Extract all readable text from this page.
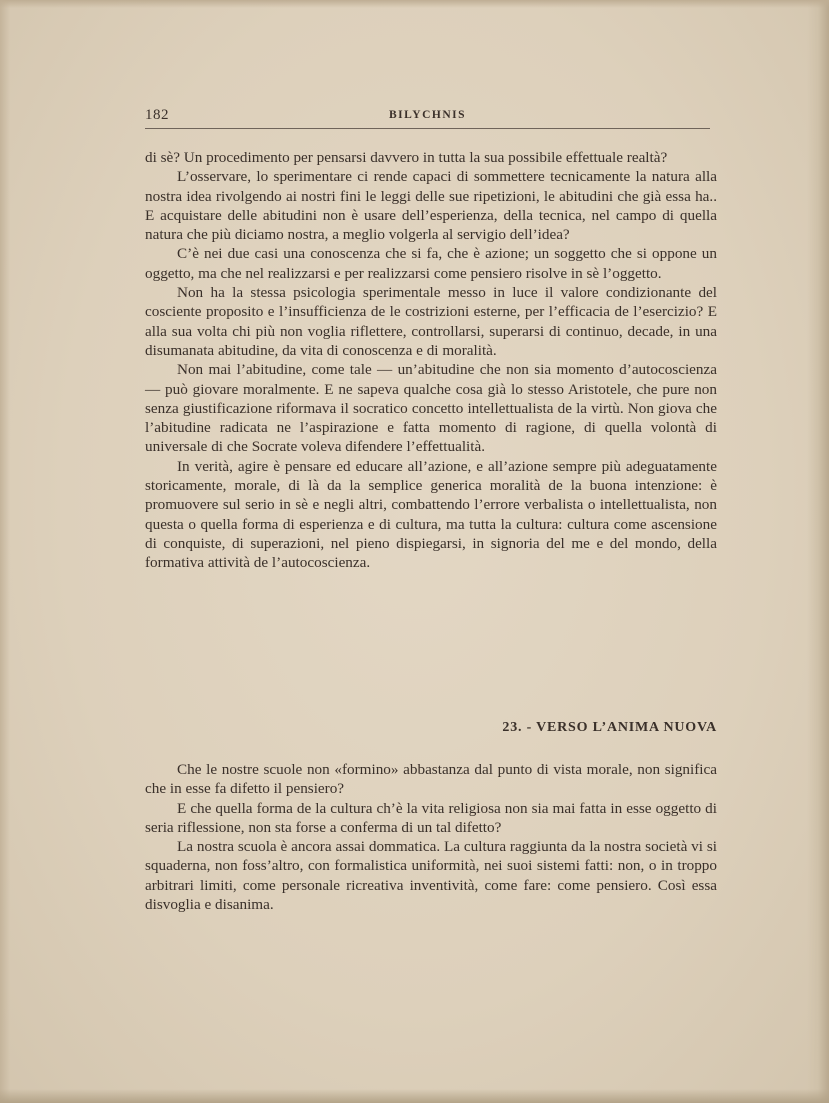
182	BILYCHNIS

di sè? Un procedimento per pensarsi davvero in tutta la sua possibile effettuale realtà?

L’osservare, lo sperimentare ci rende capaci di sommettere tecnicamente la natura alla nostra idea rivolgendo ai nostri fini le leggi delle sue ripetizioni, le abitudini che già essa ha.. E acquistare delle abitudini non è usare dell’esperienza, della tecnica, nel campo di quella natura che più diciamo nostra, a meglio volgerla al servigio dell’idea?

C’è nei due casi una conoscenza che si fa, che è azione; un soggetto che si oppone un oggetto, ma che nel realizzarsi e per realizzarsi come pensiero risolve in sè l’oggetto.

Non ha la stessa psicologia sperimentale messo in luce il valore condizionante del cosciente proposito e l’insufficienza de le costrizioni esterne, per l’efficacia de l’esercizio? E alla sua volta chi più non voglia riflettere, controllarsi, superarsi di continuo, decade, in una disumanata abitudine, da vita di conoscenza e di moralità.

Non mai l’abitudine, come tale — un’abitudine che non sia momento d’autocoscienza — può giovare moralmente. E ne sapeva qualche cosa già lo stesso Aristotele, che pure non senza giustificazione riformava il socratico concetto intellettualista de la virtù. Non giova che l’abitudine radicata ne l’aspirazione e fatta momento di ragione, di quella volontà di universale di che Socrate voleva difendere l’effettualità.

In verità, agire è pensare ed educare all’azione, e all’azione sempre più adeguatamente storicamente, morale, di là da la semplice generica moralità de la buona intenzione: è promuovere sul serio in sè e negli altri, combattendo l’errore verbalista o intellettualista, non questa o quella forma di esperienza e di cultura, ma tutta la cultura: cultura come ascensione di conquiste, di superazioni, nel pieno dispiegarsi, in signoria del me e del mondo, della formativa attività de l’autocoscienza.

23. - VERSO L’ANIMA NUOVA

Che le nostre scuole non «formino» abbastanza dal punto di vista morale, non significa che in esse fa difetto il pensiero?

E che quella forma de la cultura ch’è la vita religiosa non sia mai fatta in esse oggetto di seria riflessione, non sta forse a conferma di un tal difetto?

La nostra scuola è ancora assai dommatica. La cultura raggiunta da la nostra società vi si squaderna, non foss’altro, con formalistica uniformità, nei suoi sistemi fatti: non, o in troppo arbitrari limiti, come personale ricreativa inventività, come fare: come pensiero. Così essa disvoglia e disanima.
